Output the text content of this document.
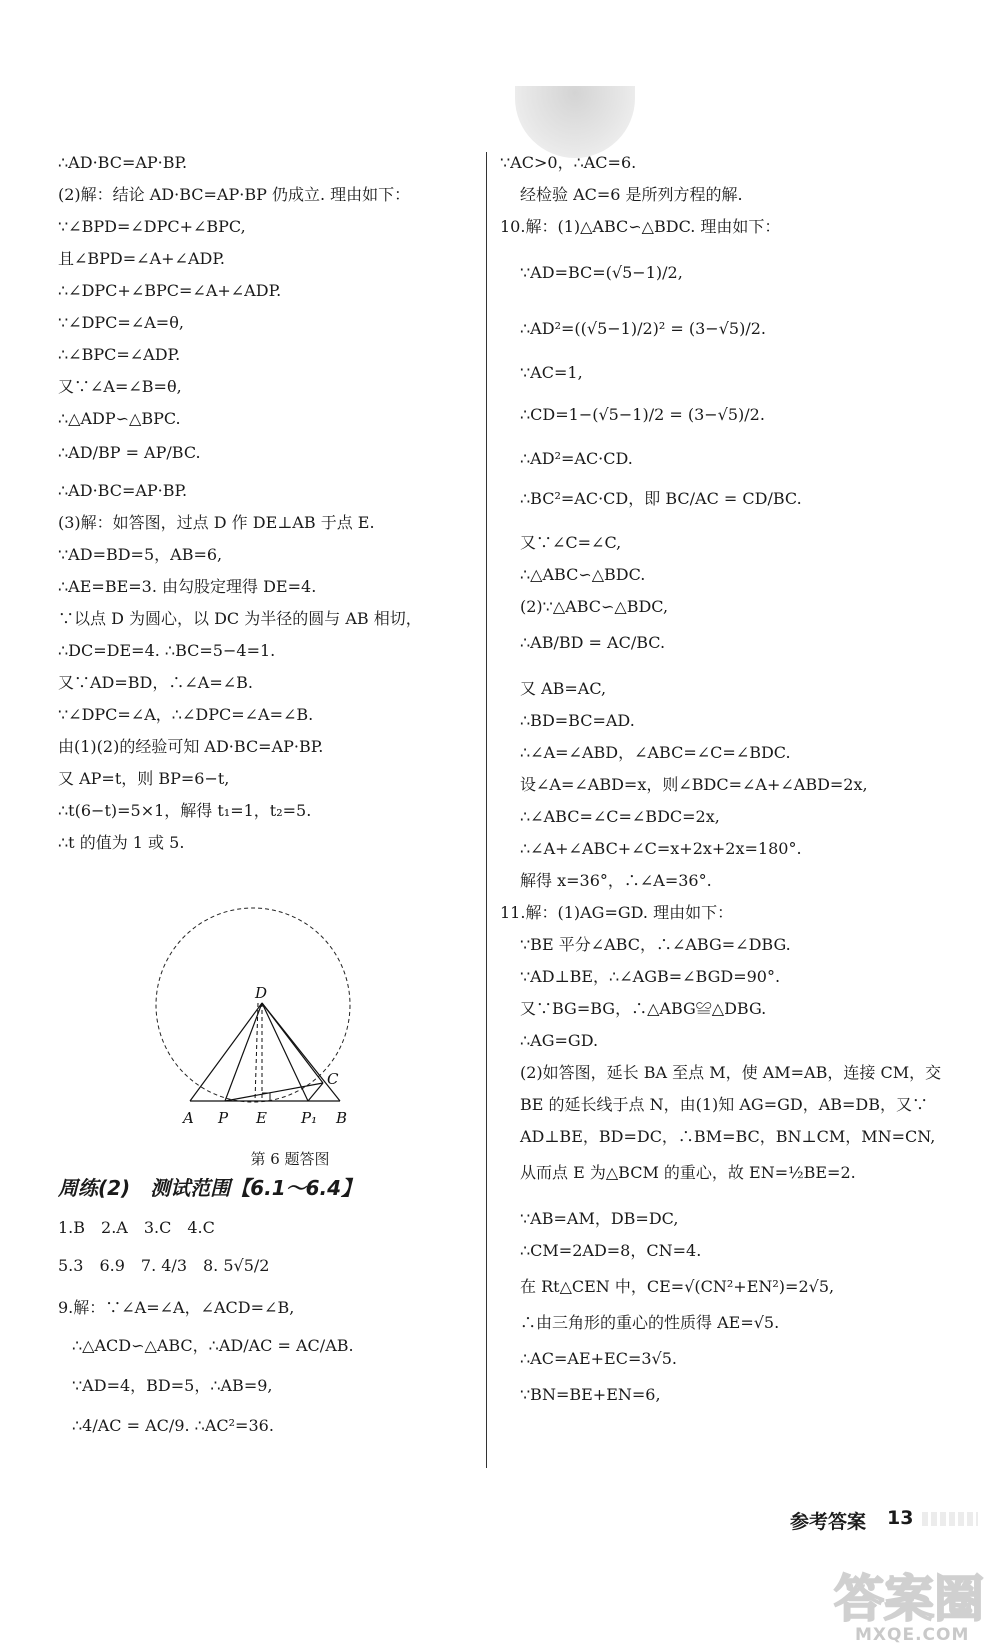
∴AD·BC=AP·BP.
(2)解：结论 AD·BC=AP·BP 仍成立. 理由如下：
∵∠BPD=∠DPC+∠BPC,
且∠BPD=∠A+∠ADP.
∴∠DPC+∠BPC=∠A+∠ADP.
∵∠DPC=∠A=θ,
∴∠BPC=∠ADP.
又∵∠A=∠B=θ,
∴△ADP∽△BPC.
∴AD/BP = AP/BC.
∴AD·BC=AP·BP.
(3)解：如答图，过点 D 作 DE⊥AB 于点 E.
∵AD=BD=5，AB=6,
∴AE=BE=3. 由勾股定理得 DE=4.
∵以点 D 为圆心，以 DC 为半径的圆与 AB 相切，
∴DC=DE=4. ∴BC=5−4=1.
又∵AD=BD，∴∠A=∠B.
∵∠DPC=∠A，∴∠DPC=∠A=∠B.
由(1)(2)的经验可知 AD·BC=AP·BP.
又 AP=t，则 BP=6−t,
∴t(6−t)=5×1，解得 t₁=1，t₂=5.
∴t 的值为 1 或 5.
A P E P₁ B
C
D
第 6 题答图
周练(2)　测试范围【6.1～6.4】
1.B　2.A　3.C　4.C
5.3　6.9　7. 4/3　8. 5√5/2
9.解：∵∠A=∠A，∠ACD=∠B,
∴△ACD∽△ABC，∴AD/AC = AC/AB.
∵AD=4，BD=5，∴AB=9,
∴4/AC = AC/9. ∴AC²=36.
∵AC>0，∴AC=6.
经检验 AC=6 是所列方程的解.
10.解：(1)△ABC∽△BDC. 理由如下：
∵AD=BC=(√5−1)/2,
∴AD²=((√5−1)/2)² = (3−√5)/2.
∵AC=1,
∴CD=1−(√5−1)/2 = (3−√5)/2.
∴AD²=AC·CD.
∴BC²=AC·CD，即 BC/AC = CD/BC.
又∵∠C=∠C,
∴△ABC∽△BDC.
(2)∵△ABC∽△BDC,
∴AB/BD = AC/BC.
又 AB=AC,
∴BD=BC=AD.
∴∠A=∠ABD，∠ABC=∠C=∠BDC.
设∠A=∠ABD=x，则∠BDC=∠A+∠ABD=2x,
∴∠ABC=∠C=∠BDC=2x,
∴∠A+∠ABC+∠C=x+2x+2x=180°.
解得 x=36°，∴∠A=36°.
11.解：(1)AG=GD. 理由如下：
∵BE 平分∠ABC，∴∠ABG=∠DBG.
∵AD⊥BE，∴∠AGB=∠BGD=90°.
又∵BG=BG，∴△ABG≌△DBG.
∴AG=GD.
(2)如答图，延长 BA 至点 M，使 AM=AB，连接 CM，交
BE 的延长线于点 N，由(1)知 AG=GD，AB=DB，又∵
AD⊥BE，BD=DC，∴BM=BC，BN⊥CM，MN=CN,
从而点 E 为△BCM 的重心，故 EN=½BE=2.
∵AB=AM，DB=DC,
∴CM=2AD=8，CN=4.
在 Rt△CEN 中，CE=√(CN²+EN²)=2√5,
∴由三角形的重心的性质得 AE=√5.
∴AC=AE+EC=3√5.
∵BN=BE+EN=6,
参考答案 13
答案圈
MXQE.COM
